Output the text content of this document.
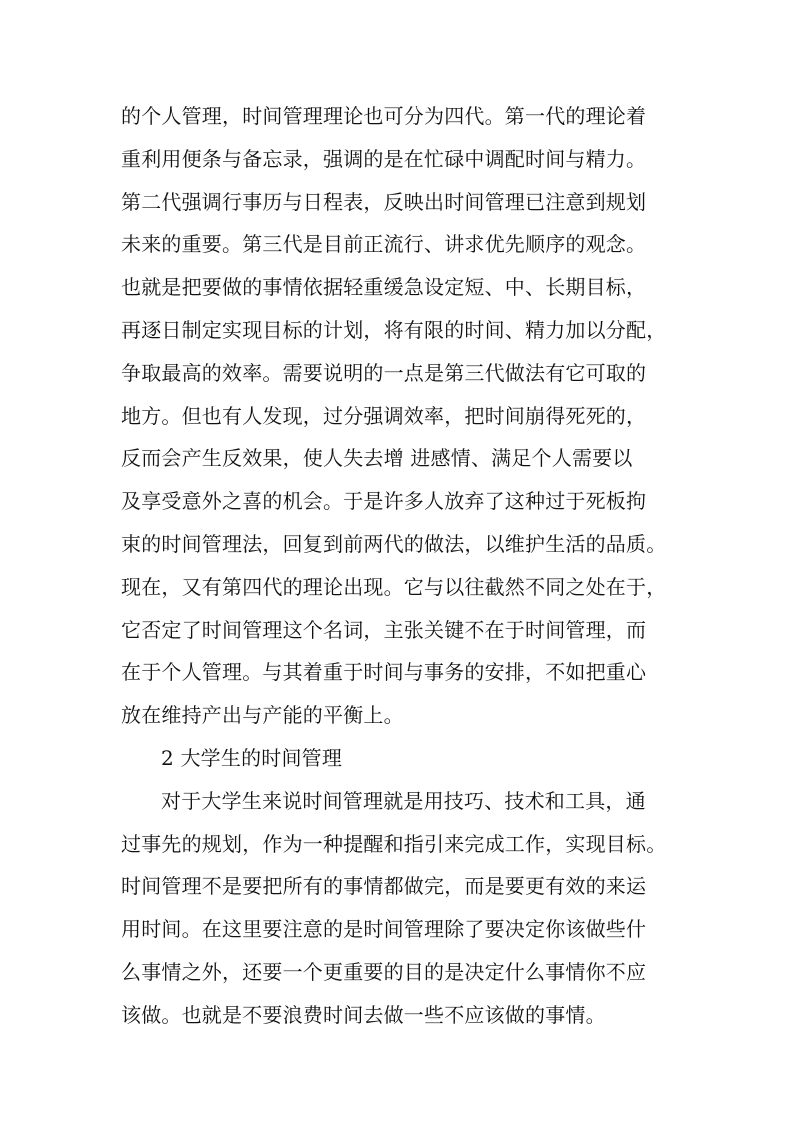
的个人管理，时间管理理论也可分为四代。第一代的理论着
重利用便条与备忘录，强调的是在忙碌中调配时间与精力。
第二代强调行事历与日程表，反映出时间管理已注意到规划
未来的重要。第三代是目前正流行、讲求优先顺序的观念。
也就是把要做的事情依据轻重缓急设定短、中、长期目标，
再逐日制定实现目标的计划，将有限的时间、精力加以分配，
争取最高的效率。需要说明的一点是第三代做法有它可取的
地方。但也有人发现，过分强调效率，把时间崩得死死的，
反而会产生反效果，使人失去增 进感情、满足个人需要以
及享受意外之喜的机会。于是许多人放弃了这种过于死板拘
束的时间管理法，回复到前两代的做法，以维护生活的品质。
现在，又有第四代的理论出现。它与以往截然不同之处在于，
它否定了时间管理这个名词，主张关键不在于时间管理，而
在于个人管理。与其着重于时间与事务的安排，不如把重心
放在维持产出与产能的平衡上。
2 大学生的时间管理
对于大学生来说时间管理就是用技巧、技术和工具，通
过事先的规划，作为一种提醒和指引来完成工作，实现目标。
时间管理不是要把所有的事情都做完，而是要更有效的来运
用时间。在这里要注意的是时间管理除了要决定你该做些什
么事情之外，还要一个更重要的目的是决定什么事情你不应
该做。也就是不要浪费时间去做一些不应该做的事情。
